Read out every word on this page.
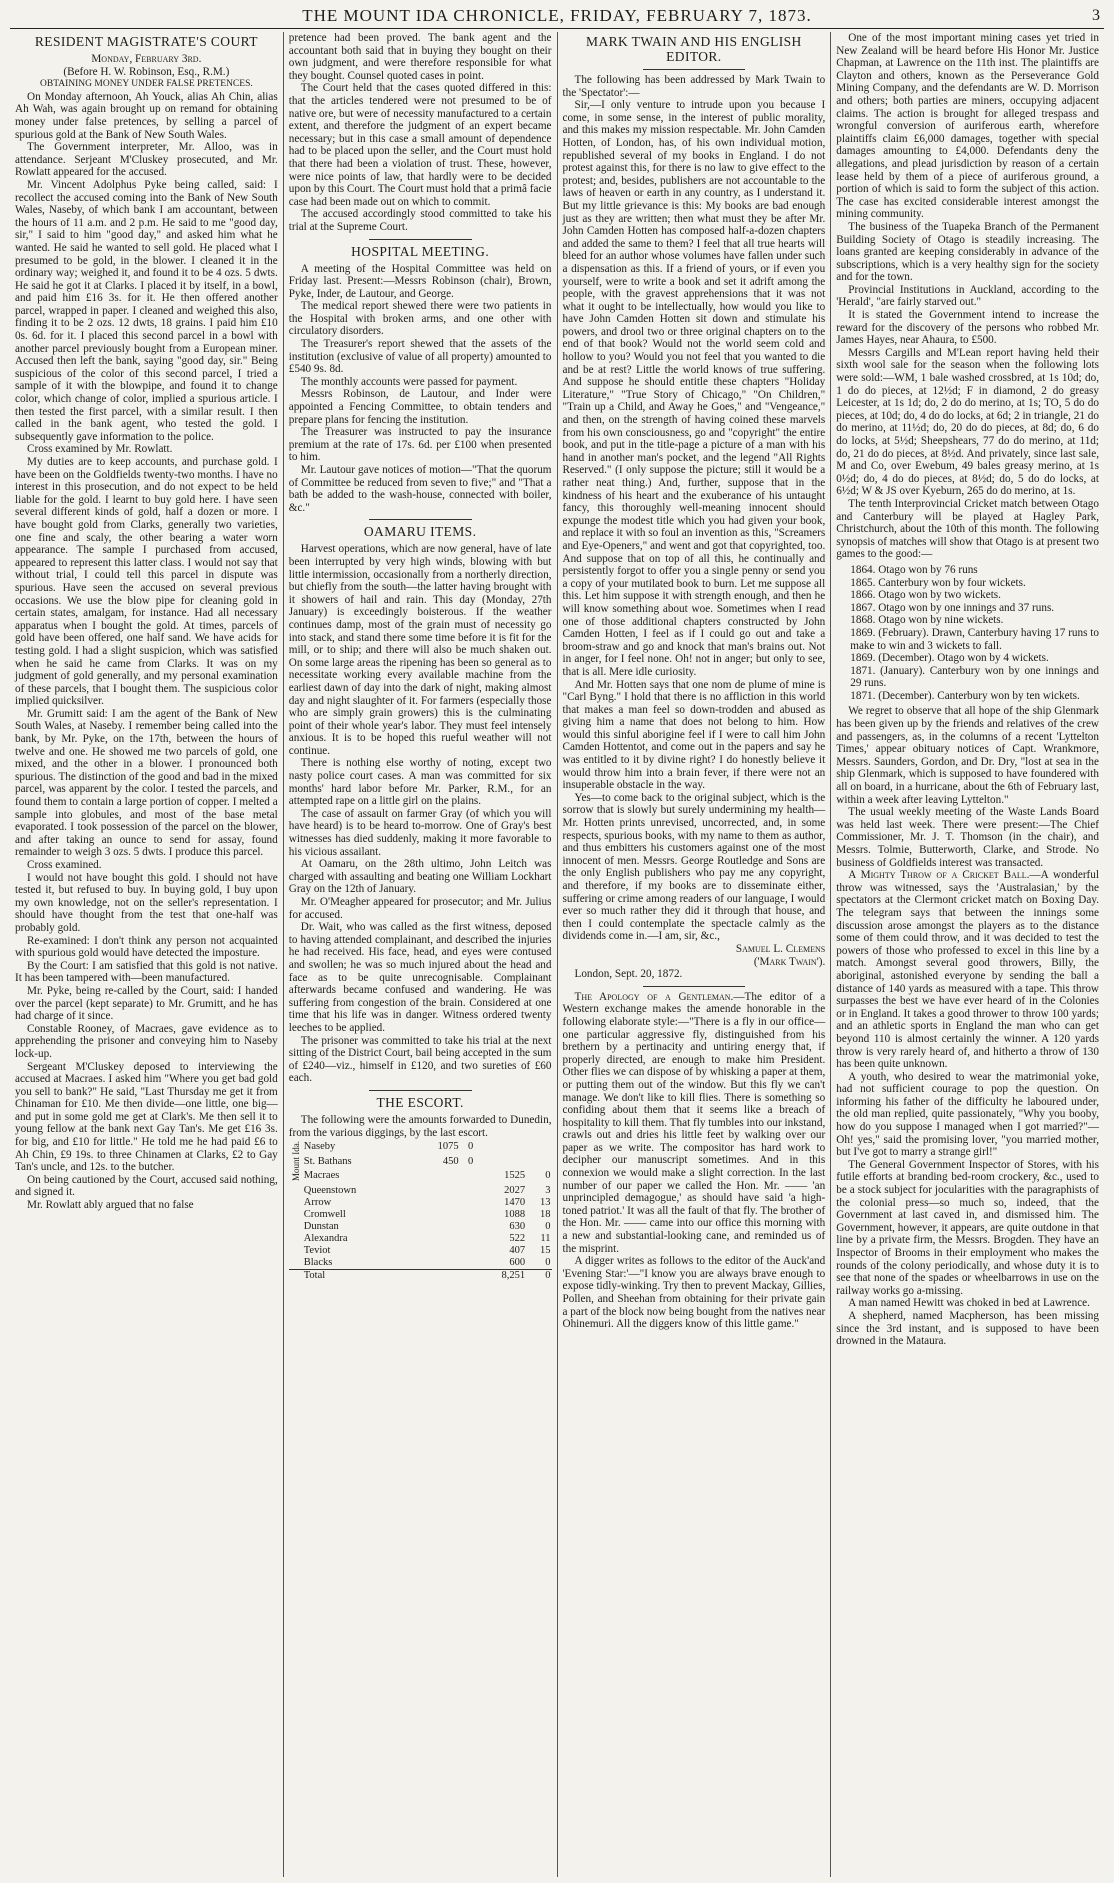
THE MOUNT IDA CHRONICLE, FRIDAY, FEBRUARY 7, 1873.	3
RESIDENT MAGISTRATE'S COURT

Monday, February 3rd.

(Before H. W. Robinson, Esq., R.M.)

OBTAINING MONEY UNDER FALSE PRETENCES.

On Monday afternoon, Ah Youck, alias Ah Chin, alias Ah Wah, was again brought up on remand for obtaining money under false pretences, by selling a parcel of spurious gold at the Bank of New South Wales.

The Government interpreter, Mr. Alloo, was in attendance. Serjeant M'Cluskey prosecuted, and Mr. Rowlatt appeared for the accused.

Mr. Vincent Adolphus Pyke being called, said: I recollect the accused coming into the Bank of New South Wales, Naseby, of which bank I am accountant, between the hours of 11 a.m. and 2 p.m. He said to me "good day, sir," I said to him "good day," and asked him what he wanted. He said he wanted to sell gold. He placed what I presumed to be gold, in the blower. I cleaned it in the ordinary way; weighed it, and found it to be 4 ozs. 5 dwts. He said he got it at Clarks. I placed it by itself, in a bowl, and paid him £16 3s. for it. He then offered another parcel, wrapped in paper. I cleaned and weighed this also, finding it to be 2 ozs. 12 dwts, 18 grains. I paid him £10 0s. 6d. for it. I placed this second parcel in a bowl with another parcel previously bought from a European miner. Accused then left the bank, saying "good day, sir." Being suspicious of the color of this second parcel, I tried a sample of it with the blowpipe, and found it to change color, which change of color, implied a spurious article. I then tested the first parcel, with a similar result. I then called in the bank agent, who tested the gold. I subsequently gave information to the police.

Cross examined by Mr. Rowlatt.

My duties are to keep accounts, and purchase gold. I have been on the Goldfields twenty-two months. I have no interest in this prosecution, and do not expect to be held liable for the gold. I learnt to buy gold here. I have seen several different kinds of gold, half a dozen or more. I have bought gold from Clarks, generally two varieties, one fine and scaly, the other bearing a water worn appearance. The sample I purchased from accused, appeared to represent this latter class. I would not say that without trial, I could tell this parcel in dispute was spurious. Have seen the accused on several previous occasions. We use the blow pipe for cleaning gold in certain states, amalgam, for instance. Had all necessary apparatus when I bought the gold. At times, parcels of gold have been offered, one half sand. We have acids for testing gold. I had a slight suspicion, which was satisfied when he said he came from Clarks. It was on my judgment of gold generally, and my personal examination of these parcels, that I bought them. The suspicious color implied quicksilver.

Mr. Grumitt said: I am the agent of the Bank of New South Wales, at Naseby. I remember being called into the bank, by Mr. Pyke, on the 17th, between the hours of twelve and one. He showed me two parcels of gold, one mixed, and the other in a blower. I pronounced both spurious. The distinction of the good and bad in the mixed parcel, was apparent by the color. I tested the parcels, and found them to contain a large portion of copper. I melted a sample into globules, and most of the base metal evaporated. I took possession of the parcel on the blower, and after taking an ounce to send for assay, found remainder to weigh 3 ozs. 5 dwts. I produce this parcel.

Cross examined.

I would not have bought this gold. I should not have tested it, but refused to buy. In buying gold, I buy upon my own knowledge, not on the seller's representation. I should have thought from the test that one-half was probably gold.

Re-examined: I don't think any person not acquainted with spurious gold would have detected the imposture.

By the Court: I am satisfied that this gold is not native. It has been tampered with—been manufactured.

Mr. Pyke, being re-called by the Court, said: I handed over the parcel (kept separate) to Mr. Grumitt, and he has had charge of it since.

Constable Rooney, of Macraes, gave evidence as to apprehending the prisoner and conveying him to Naseby lock-up.

Sergeant M'Cluskey deposed to interviewing the accused at Macraes. I asked him "Where you get bad gold you sell to bank?" He said, "Last Thursday me get it from Chinaman for £10. Me then divide—one little, one big—and put in some gold me get at Clark's. Me then sell it to young fellow at the bank next Gay Tan's. Me get £16 3s. for big, and £10 for little." He told me he had paid £6 to Ah Chin, £9 19s. to three Chinamen at Clarks, £2 to Gay Tan's uncle, and 12s. to the butcher.

On being cautioned by the Court, accused said nothing, and signed it.

Mr. Rowlatt ably argued that no false

pretence had been proved. The bank agent and the accountant both said that in buying they bought on their own judgment, and were therefore responsible for what they bought. Counsel quoted cases in point.

The Court held that the cases quoted differed in this: that the articles tendered were not presumed to be of native ore, but were of necessity manufactured to a certain extent, and therefore the judgment of an expert became necessary; but in this case a small amount of dependence had to be placed upon the seller, and the Court must hold that there had been a violation of trust. These, however, were nice points of law, that hardly were to be decided upon by this Court. The Court must hold that a primâ facie case had been made out on which to commit.

The accused accordingly stood committed to take his trial at the Supreme Court.

HOSPITAL MEETING.

A meeting of the Hospital Committee was held on Friday last. Present:—Messrs Robinson (chair), Brown, Pyke, Inder, de Lautour, and George.

The medical report shewed there were two patients in the Hospital with broken arms, and one other with circulatory disorders.

The Treasurer's report shewed that the assets of the institution (exclusive of value of all property) amounted to £540 9s. 8d.

The monthly accounts were passed for payment.

Messrs Robinson, de Lautour, and Inder were appointed a Fencing Committee, to obtain tenders and prepare plans for fencing the institution.

The Treasurer was instructed to pay the insurance premium at the rate of 17s. 6d. per £100 when presented to him.

Mr. Lautour gave notices of motion—"That the quorum of Committee be reduced from seven to five;" and "That a bath be added to the wash-house, connected with boiler, &c."

OAMARU ITEMS.

Harvest operations, which are now general, have of late been interrupted by very high winds, blowing with but little intermission, occasionally from a northerly direction, but chiefly from the south—the latter having brought with it showers of hail and rain. This day (Monday, 27th January) is exceedingly boisterous. If the weather continues damp, most of the grain must of necessity go into stack, and stand there some time before it is fit for the mill, or to ship; and there will also be much shaken out. On some large areas the ripening has been so general as to necessitate working every available machine from the earliest dawn of day into the dark of night, making almost day and night slaughter of it. For farmers (especially those who are simply grain growers) this is the culminating point of their whole year's labor. They must feel intensely anxious. It is to be hoped this rueful weather will not continue.

There is nothing else worthy of noting, except two nasty police court cases. A man was committed for six months' hard labor before Mr. Parker, R.M., for an attempted rape on a little girl on the plains.

The case of assault on farmer Gray (of which you will have heard) is to be heard to-morrow. One of Gray's best witnesses has died suddenly, making it more favorable to his vicious assailant.

At Oamaru, on the 28th ultimo, John Leitch was charged with assaulting and beating one William Lockhart Gray on the 12th of January.

Mr. O'Meagher appeared for prosecutor; and Mr. Julius for accused.

Dr. Wait, who was called as the first witness, deposed to having attended complainant, and described the injuries he had received. His face, head, and eyes were contused and swollen; he was so much injured about the head and face as to be quite unrecognisable. Complainant afterwards became confused and wandering. He was suffering from congestion of the brain. Considered at one time that his life was in danger. Witness ordered twenty leeches to be applied.

The prisoner was committed to take his trial at the next sitting of the District Court, bail being accepted in the sum of £240—viz., himself in £120, and two sureties of £60 each.

THE ESCORT.

The following were the amounts forwarded to Dunedin, from the various diggings, by the last escort.

Mount Ida.	Naseby	1075	0		
	St. Bathans	450	0		
	Macraes			1525	0
	Queenstown			2027	3
	Arrow			1470	13
	Cromwell			1088	18
	Dunstan			630	0
	Alexandra			522	11
	Teviot			407	15
	Blacks			600	0
	Total			8,251	0
MARK TWAIN AND HIS ENGLISH EDITOR.

The following has been addressed by Mark Twain to the 'Spectator':—

Sir,—I only venture to intrude upon you because I come, in some sense, in the interest of public morality, and this makes my mission respectable. Mr. John Camden Hotten, of London, has, of his own individual motion, republished several of my books in England. I do not protest against this, for there is no law to give effect to the protest; and, besides, publishers are not accountable to the laws of heaven or earth in any country, as I understand it. But my little grievance is this: My books are bad enough just as they are written; then what must they be after Mr. John Camden Hotten has composed half-a-dozen chapters and added the same to them? I feel that all true hearts will bleed for an author whose volumes have fallen under such a dispensation as this. If a friend of yours, or if even you yourself, were to write a book and set it adrift among the people, with the gravest apprehensions that it was not what it ought to be intellectually, how would you like to have John Camden Hotten sit down and stimulate his powers, and drool two or three original chapters on to the end of that book? Would not the world seem cold and hollow to you? Would you not feel that you wanted to die and be at rest? Little the world knows of true suffering. And suppose he should entitle these chapters "Holiday Literature," "True Story of Chicago," "On Children," "Train up a Child, and Away he Goes," and "Vengeance," and then, on the strength of having coined these marvels from his own consciousness, go and "copyright" the entire book, and put in the title-page a picture of a man with his hand in another man's pocket, and the legend "All Rights Reserved." (I only suppose the picture; still it would be a rather neat thing.) And, further, suppose that in the kindness of his heart and the exuberance of his untaught fancy, this thoroughly well-meaning innocent should expunge the modest title which you had given your book, and replace it with so foul an invention as this, "Screamers and Eye-Openers," and went and got that copyrighted, too. And suppose that on top of all this, he continually and persistently forgot to offer you a single penny or send you a copy of your mutilated book to burn. Let me suppose all this. Let him suppose it with strength enough, and then he will know something about woe. Sometimes when I read one of those additional chapters constructed by John Camden Hotten, I feel as if I could go out and take a broom-straw and go and knock that man's brains out. Not in anger, for I feel none. Oh! not in anger; but only to see, that is all. Mere idle curiosity.

And Mr. Hotten says that one nom de plume of mine is "Carl Byng." I hold that there is no affliction in this world that makes a man feel so down-trodden and abused as giving him a name that does not belong to him. How would this sinful aborigine feel if I were to call him John Camden Hottentot, and come out in the papers and say he was entitled to it by divine right? I do honestly believe it would throw him into a brain fever, if there were not an insuperable obstacle in the way.

Yes—to come back to the original subject, which is the sorrow that is slowly but surely undermining my health—Mr. Hotten prints unrevised, uncorrected, and, in some respects, spurious books, with my name to them as author, and thus embitters his customers against one of the most innocent of men. Messrs. George Routledge and Sons are the only English publishers who pay me any copyright, and therefore, if my books are to disseminate either, suffering or crime among readers of our language, I would ever so much rather they did it through that house, and then I could contemplate the spectacle calmly as the dividends come in.—I am, sir, &c.,

Samuel L. Clemens

('Mark Twain').

London, Sept. 20, 1872.

The Apology of a Gentleman.—The editor of a Western exchange makes the amende honorable in the following elaborate style:—"There is a fly in our office—one particular aggressive fly, distinguished from his brethern by a pertinacity and untiring energy that, if properly directed, are enough to make him President. Other flies we can dispose of by whisking a paper at them, or putting them out of the window. But this fly we can't manage. We don't like to kill flies. There is something so confiding about them that it seems like a breach of hospitality to kill them. That fly tumbles into our inkstand, crawls out and dries his little feet by walking over our paper as we write. The compositor has hard work to decipher our manuscript sometimes. And in this connexion we would make a slight correction. In the last number of our paper we called the Hon. Mr. —— 'an unprincipled demagogue,' as should have said 'a high-toned patriot.' It was all the fault of that fly. The brother of the Hon. Mr. —— came into our office this morning with a new and substantial-looking cane, and reminded us of the misprint.

A digger writes as follows to the editor of the Auck'and 'Evening Star:'—"I know you are always brave enough to expose tidly-winking. Try then to prevent Mackay, Gillies, Pollen, and Sheehan from obtaining for their private gain a part of the block now being bought from the natives near Ohinemuri. All the diggers know of this little game."

One of the most important mining cases yet tried in New Zealand will be heard before His Honor Mr. Justice Chapman, at Lawrence on the 11th inst. The plaintiffs are Clayton and others, known as the Perseverance Gold Mining Company, and the defendants are W. D. Morrison and others; both parties are miners, occupying adjacent claims. The action is brought for alleged trespass and wrongful conversion of auriferous earth, wherefore plaintiffs claim £6,000 damages, together with special damages amounting to £4,000. Defendants deny the allegations, and plead jurisdiction by reason of a certain lease held by them of a piece of auriferous ground, a portion of which is said to form the subject of this action. The case has excited considerable interest amongst the mining community.

The business of the Tuapeka Branch of the Permanent Building Society of Otago is steadily increasing. The loans granted are keeping considerably in advance of the subscriptions, which is a very healthy sign for the society and for the town.

Provincial Institutions in Auckland, according to the 'Herald', "are fairly starved out."

It is stated the Government intend to increase the reward for the discovery of the persons who robbed Mr. James Hayes, near Ahaura, to £500.

Messrs Cargills and M'Lean report having held their sixth wool sale for the season when the following lots were sold:—WM, 1 bale washed crossbred, at 1s 10d; do, 1 do do pieces, at 12½d; F in diamond, 2 do greasy Leicester, at 1s 1d; do, 2 do do merino, at 1s; TO, 5 do do pieces, at 10d; do, 4 do do locks, at 6d; 2 in triangle, 21 do do merino, at 11½d; do, 20 do do pieces, at 8d; do, 6 do do locks, at 5½d; Sheepshears, 77 do do merino, at 11d; do, 21 do do pieces, at 8½d. And privately, since last sale, M and Co, over Ewebum, 49 bales greasy merino, at 1s 0½d; do, 4 do do pieces, at 8½d; do, 5 do do locks, at 6½d; W & JS over Kyeburn, 265 do do merino, at 1s.

The tenth Interprovincial Cricket match between Otago and Canterbury will be played at Hagley Park, Christchurch, about the 10th of this month. The following synopsis of matches will show that Otago is at present two games to the good:—

1864. Otago won by 76 runs
1865. Canterbury won by four wickets.
1866. Otago won by two wickets.
1867. Otago won by one innings and 37 runs.
1868. Otago won by nine wickets.
1869. (February). Drawn, Canterbury having 17 runs to make to win and 3 wickets to fall.
1869. (December). Otago won by 4 wickets.
1871. (January). Canterbury won by one innings and 29 runs.
1871. (December). Canterbury won by ten wickets.

We regret to observe that all hope of the ship Glenmark has been given up by the friends and relatives of the crew and passengers, as, in the columns of a recent 'Lyttelton Times,' appear obituary notices of Capt. Wrankmore, Messrs. Saunders, Gordon, and Dr. Dry, "lost at sea in the ship Glenmark, which is supposed to have foundered with all on board, in a hurricane, about the 6th of February last, within a week after leaving Lyttelton."

The usual weekly meeting of the Waste Lands Board was held last week. There were present:—The Chief Commissioner, Mr. J. T. Thomson (in the chair), and Messrs. Tolmie, Butterworth, Clarke, and Strode. No business of Goldfields interest was transacted.

A Mighty Throw of a Cricket Ball.—A wonderful throw was witnessed, says the 'Australasian,' by the spectators at the Clermont cricket match on Boxing Day. The telegram says that between the innings some discussion arose amongst the players as to the distance some of them could throw, and it was decided to test the powers of those who professed to excel in this line by a match. Amongst several good throwers, Billy, the aboriginal, astonished everyone by sending the ball a distance of 140 yards as measured with a tape. This throw surpasses the best we have ever heard of in the Colonies or in England. It takes a good thrower to throw 100 yards; and an athletic sports in England the man who can get beyond 110 is almost certainly the winner. A 120 yards throw is very rarely heard of, and hitherto a throw of 130 has been quite unknown.

A youth, who desired to wear the matrimonial yoke, had not sufficient courage to pop the question. On informing his father of the difficulty he laboured under, the old man replied, quite passionately, "Why you booby, how do you suppose I managed when I got married?"—Oh! yes," said the promising lover, "you married mother, but I've got to marry a strange girl!"

The General Government Inspector of Stores, with his futile efforts at branding bed-room crockery, &c., used to be a stock subject for jocularities with the paragraphists of the colonial press—so much so, indeed, that the Government at last caved in, and dismissed him. The Government, however, it appears, are quite outdone in that line by a private firm, the Messrs. Brogden. They have an Inspector of Brooms in their employment who makes the rounds of the colony periodically, and whose duty it is to see that none of the spades or wheelbarrows in use on the railway works go a-missing.

A man named Hewitt was choked in bed at Lawrence.

A shepherd, named Macpherson, has been missing since the 3rd instant, and is supposed to have been drowned in the Mataura.
